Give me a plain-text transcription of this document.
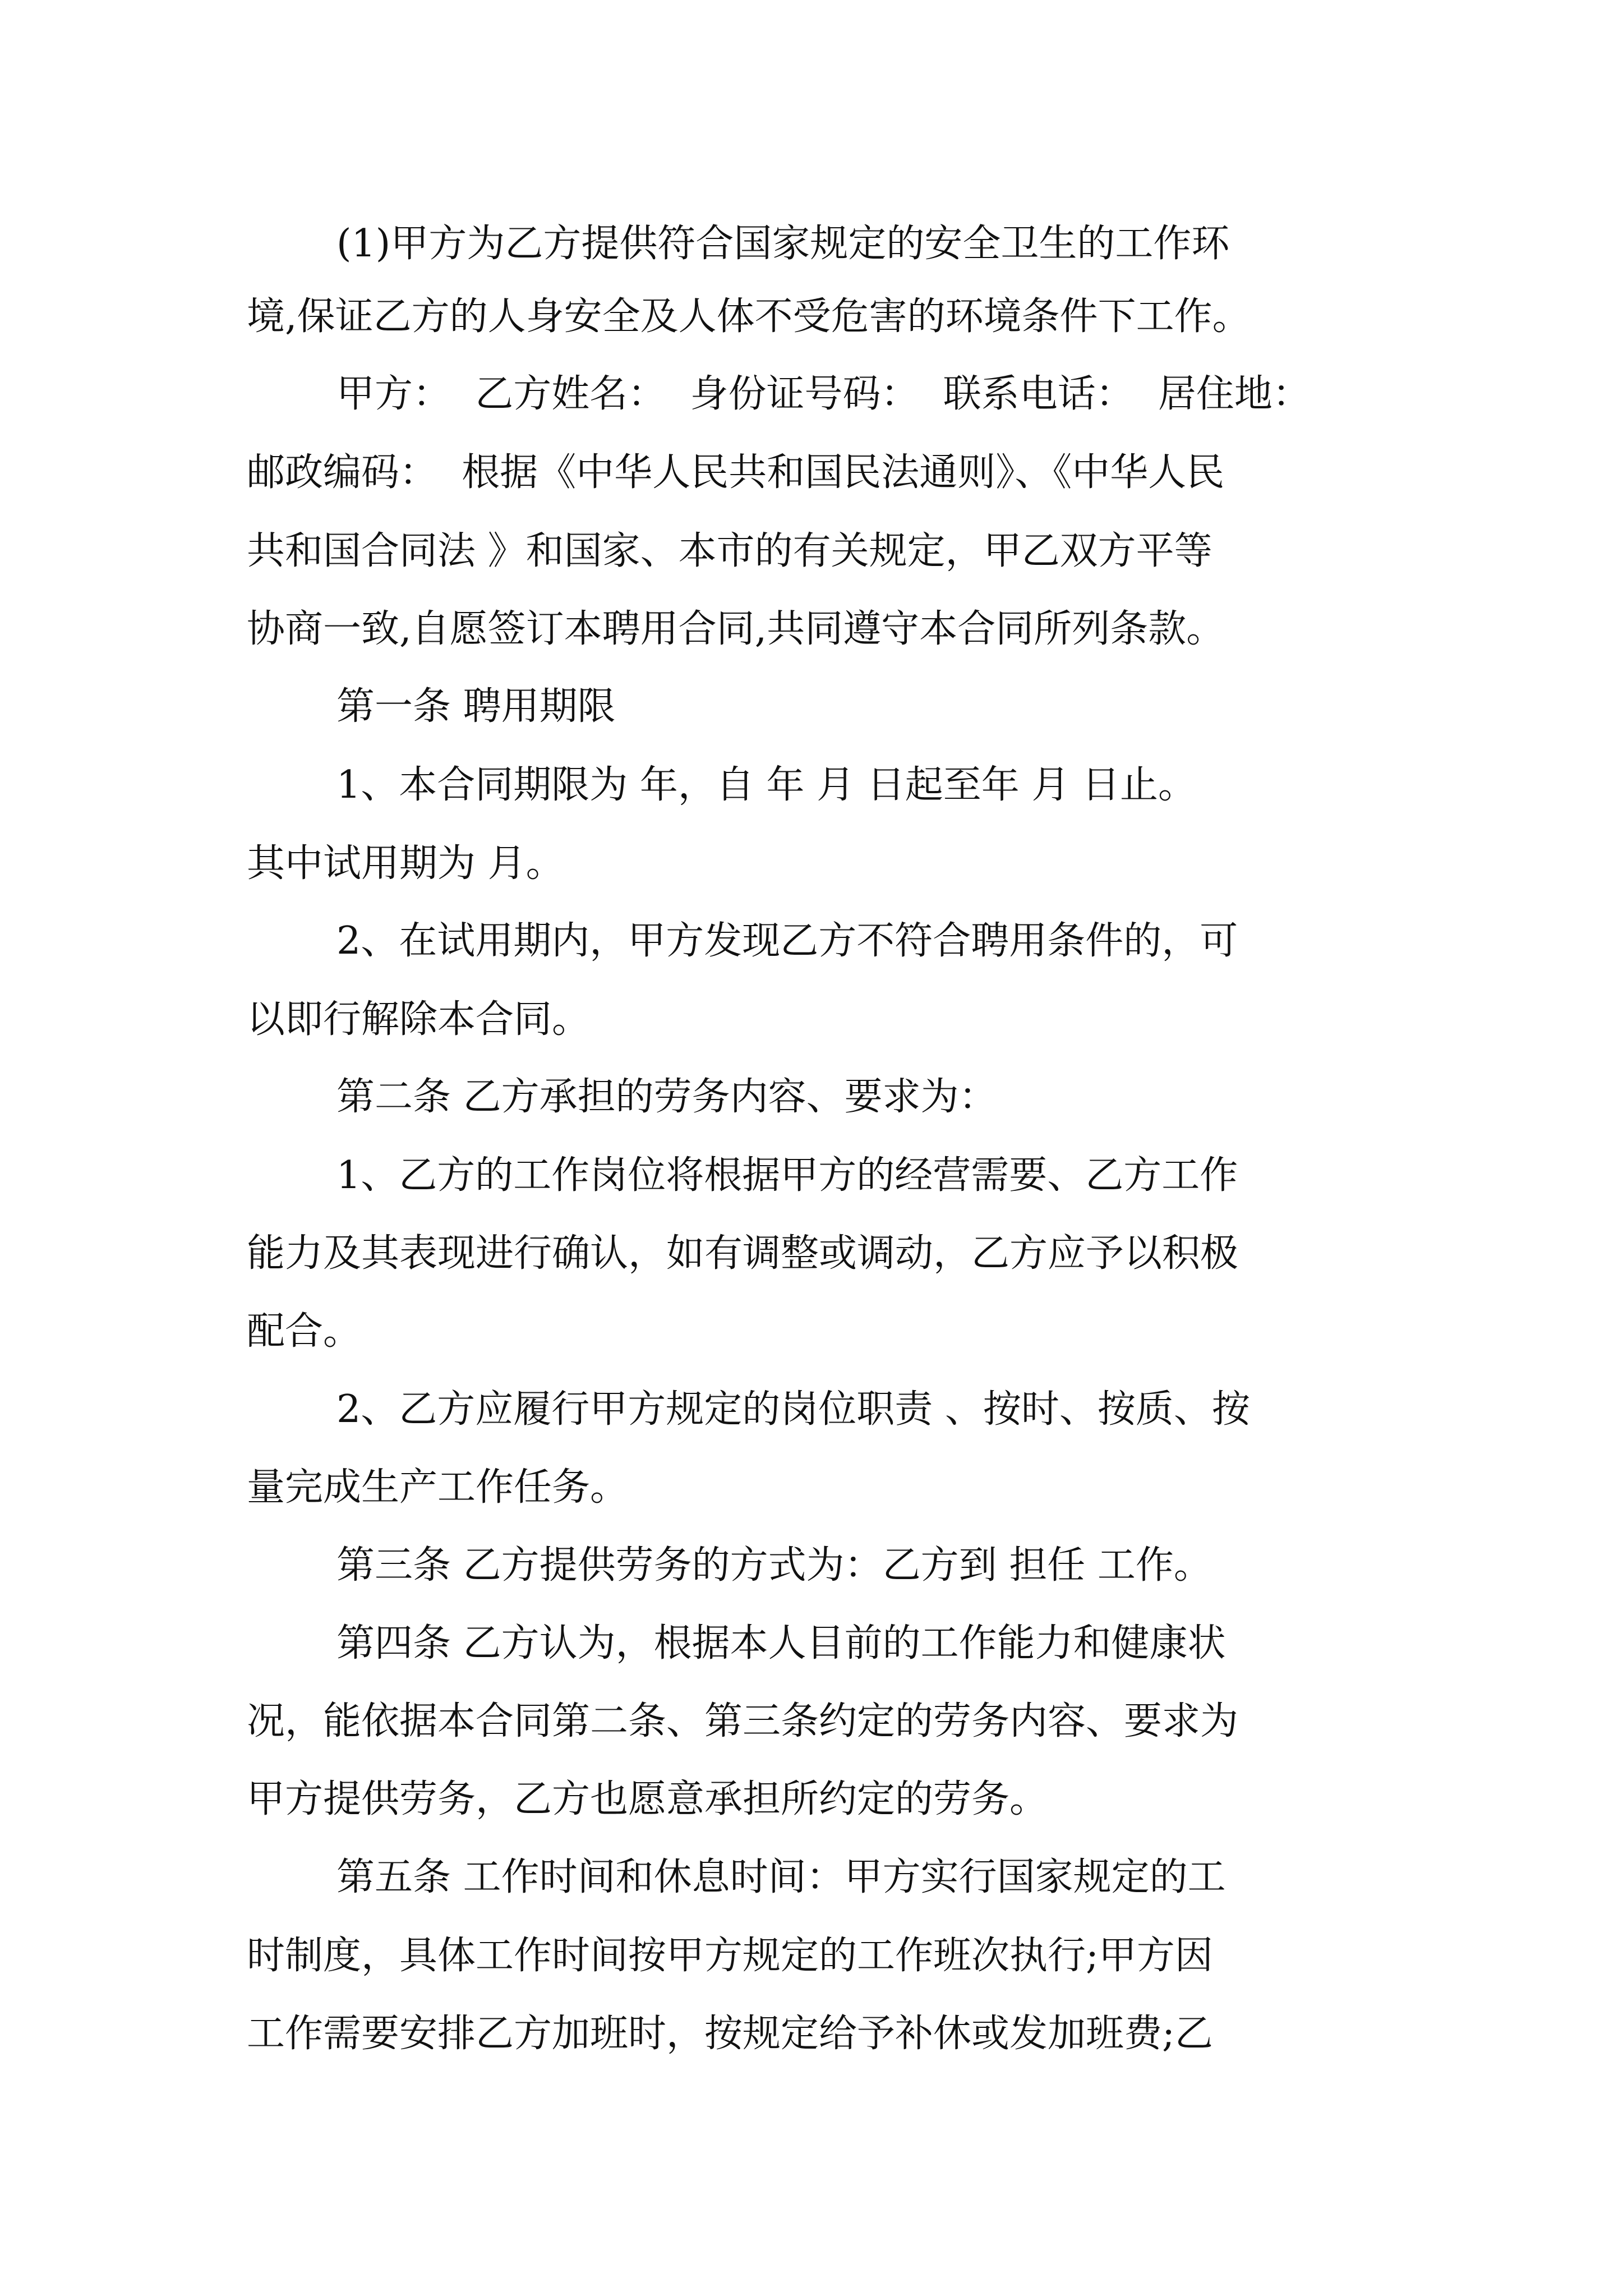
(1)甲方为乙方提供符合国家规定的安全卫生的工作环
境,保证乙方的人身安全及人体不受危害的环境条件下工作。
甲方：  乙方姓名：  身份证号码：  联系电话：  居住地：
邮政编码：  根据《中华人民共和国民法通则》、《中华人民
共和国合同法 》和国家、本市的有关规定，甲乙双方平等
协商一致,自愿签订本聘用合同,共同遵守本合同所列条款。
第一条 聘用期限
1、本合同期限为 年，自 年 月 日起至年 月 日止。
其中试用期为 月。
2、在试用期内，甲方发现乙方不符合聘用条件的，可
以即行解除本合同。
第二条 乙方承担的劳务内容、要求为：
1、乙方的工作岗位将根据甲方的经营需要、乙方工作
能力及其表现进行确认，如有调整或调动，乙方应予以积极
配合。
2、乙方应履行甲方规定的岗位职责 、按时、按质、按
量完成生产工作任务。
第三条 乙方提供劳务的方式为：乙方到 担任 工作。
第四条 乙方认为，根据本人目前的工作能力和健康状
况，能依据本合同第二条、第三条约定的劳务内容、要求为
甲方提供劳务，乙方也愿意承担所约定的劳务。
第五条 工作时间和休息时间：甲方实行国家规定的工
时制度，具体工作时间按甲方规定的工作班次执行;甲方因
工作需要安排乙方加班时，按规定给予补休或发加班费;乙
